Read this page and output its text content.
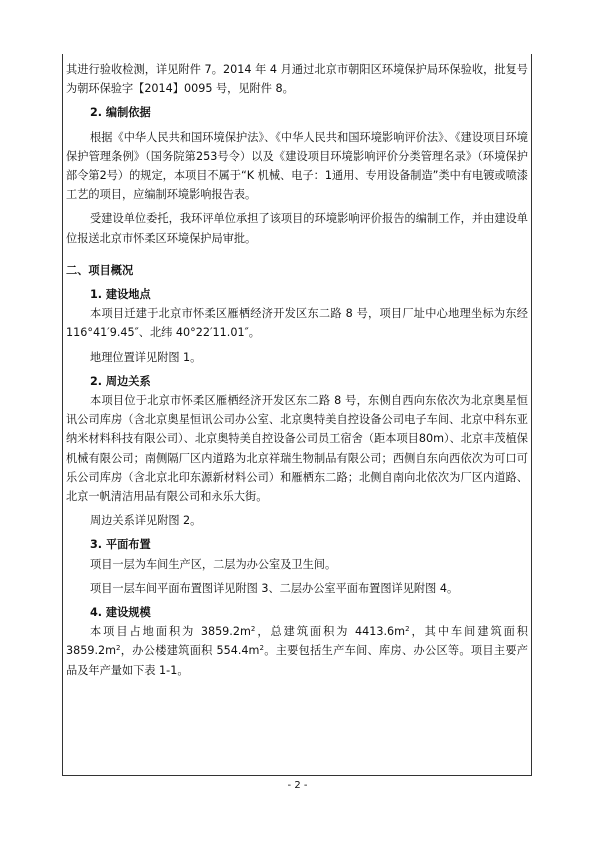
其进行验收检测，详见附件 7。2014 年 4 月通过北京市朝阳区环境保护局环保验收，批复号为朝环保验字【2014】0095 号，见附件 8。

2. 编制依据

根据《中华人民共和国环境保护法》、《中华人民共和国环境影响评价法》、《建设项目环境保护管理条例》（国务院第253号令）以及《建设项目环境影响评价分类管理名录》（环境保护部令第2号）的规定，本项目不属于“K 机械、电子：1通用、专用设备制造”类中有电镀或喷漆工艺的项目，应编制环境影响报告表。

受建设单位委托，我环评单位承担了该项目的环境影响评价报告的编制工作，并由建设单位报送北京市怀柔区环境保护局审批。

二、项目概况

1. 建设地点

本项目迁建于北京市怀柔区雁栖经济开发区东二路 8 号，项目厂址中心地理坐标为东经 116°41′9.45″、北纬 40°22′11.01″。

地理位置详见附图 1。

2. 周边关系

本项目位于北京市怀柔区雁栖经济开发区东二路 8 号，东侧自西向东依次为北京奥星恒讯公司库房（含北京奥星恒讯公司办公室、北京奥特美自控设备公司电子车间、北京中科东亚纳米材料科技有限公司）、北京奥特美自控设备公司员工宿舍（距本项目80m）、北京丰茂植保机械有限公司；南侧隔厂区内道路为北京祥瑞生物制品有限公司；西侧自东向西依次为可口可乐公司库房（含北京北印东源新材料公司）和雁栖东二路；北侧自南向北依次为厂区内道路、北京一帆清洁用品有限公司和永乐大街。

周边关系详见附图 2。

3. 平面布置

项目一层为车间生产区，二层为办公室及卫生间。

项目一层车间平面布置图详见附图 3、二层办公室平面布置图详见附图 4。

4. 建设规模

本项目占地面积为 $3859.2m^2$，总建筑面积为 $4413.6m^2$，其中车间建筑面积 $3859.2m^2$，办公楼建筑面积 $554.4m^2$。主要包括生产车间、库房、办公区等。项目主要产品及年产量如下表 1-1。

- 2 -
